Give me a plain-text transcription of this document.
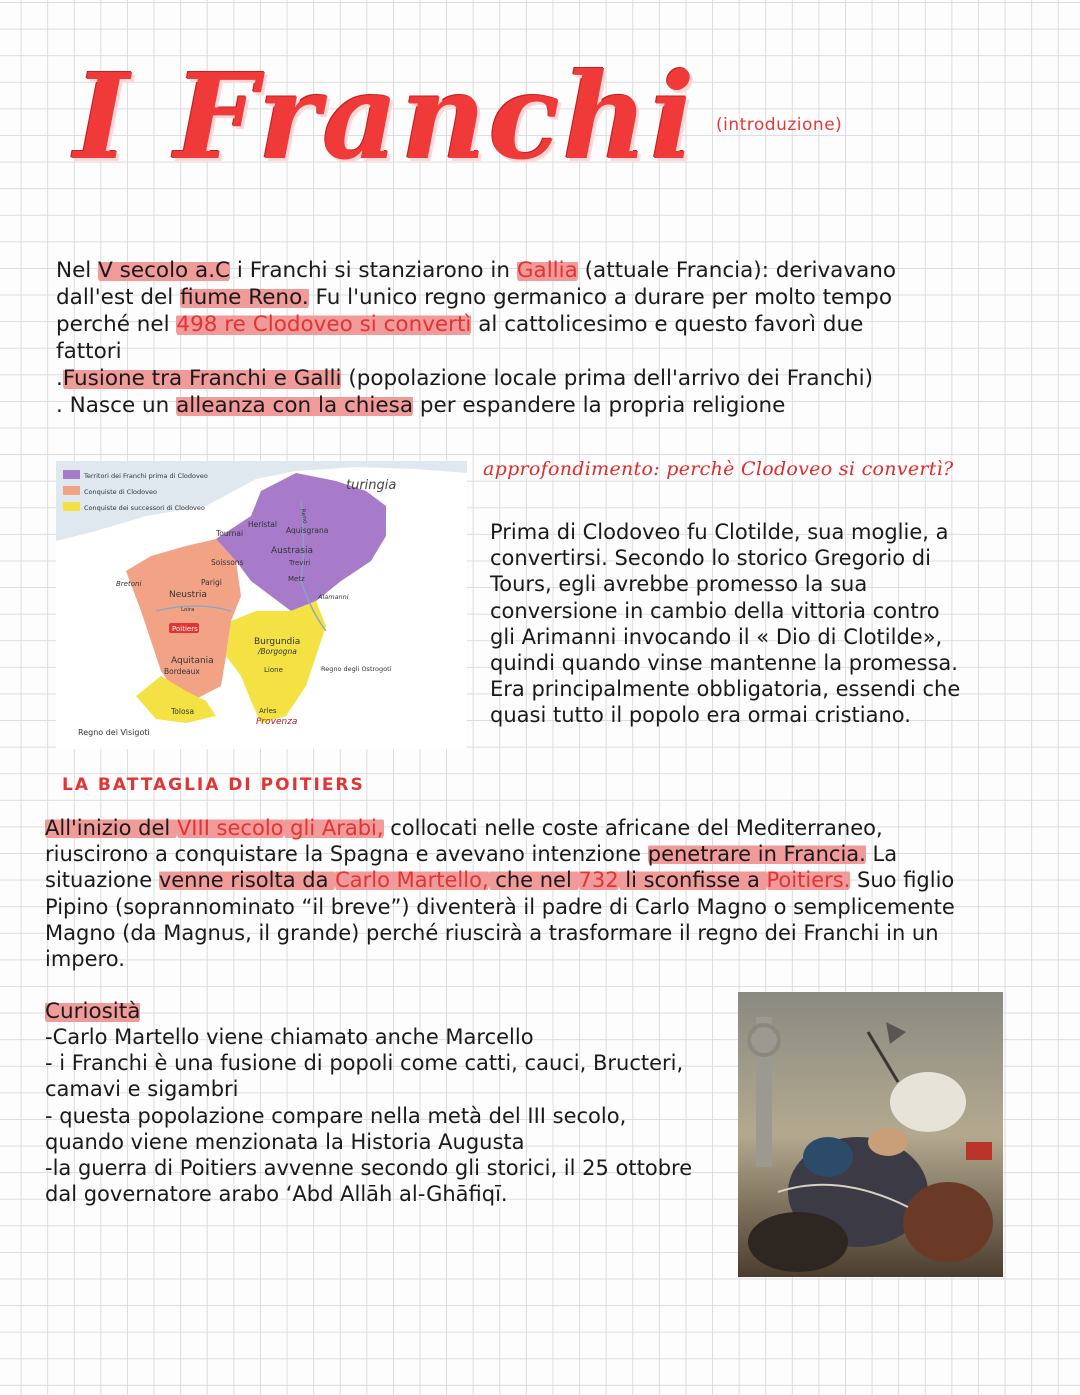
I Franchi (introduzione)
Nel V secolo a.C i Franchi si stanziarono in Gallia (attuale Francia): derivavano
dall'est del fiume Reno. Fu l'unico regno germanico a durare per molto tempo
perché nel 498 re Clodoveo si convertì al cattolicesimo e questo favorì due
fattori
.Fusione tra Franchi e Galli (popolazione locale prima dell'arrivo dei Franchi)
. Nasce un alleanza con la chiesa per espandere la propria religione
Territori dei Franchi prima di Clodoveo
Conquiste di Clodoveo
Conquiste dei successori di Clodoveo
turingia
Heristal
Tournai	Aquisgrana
Austrasia
Treviri
Soissons
Reno
Metz
Bretoni	Parigi
Neustria
Loira
Alamanni
Poitiers
Burgundia
/Borgogna
Lione
Aquitania
Bordeaux	Regno degli Ostrogoti
Tolosa	Arles
Provenza
Regno dei Visigoti
approfondimento: perchè Clodoveo si convertì?
Prima di Clodoveo fu Clotilde, sua moglie, a
convertirsi. Secondo lo storico Gregorio di
Tours, egli avrebbe promesso la sua
conversione in cambio della vittoria contro
gli Arimanni invocando il « Dio di Clotilde»,
quindi quando vinse mantenne la promessa.
Era principalmente obbligatoria, essendi che
quasi tutto il popolo era ormai cristiano.
LA BATTAGLIA DI POITIERS
All'inizio del VIII secolo gli Arabi, collocati nelle coste africane del Mediterraneo,
riuscirono a conquistare la Spagna e avevano intenzione penetrare in Francia. La
situazione venne risolta da Carlo Martello, che nel 732 li sconfisse a Poitiers. Suo figlio
Pipino (soprannominato “il breve”) diventerà il padre di Carlo Magno o semplicemente
Magno (da Magnus, il grande) perché riuscirà a trasformare il regno dei Franchi in un
impero.
Curiosità
-Carlo Martello viene chiamato anche Marcello
- i Franchi è una fusione di popoli come catti, cauci, Bructeri,
camavi e sigambri
- questa popolazione compare nella metà del III secolo,
quando viene menzionata la Historia Augusta
-la guerra di Poitiers avvenne secondo gli storici, il 25 ottobre
dal governatore arabo ‘Abd Allāh al-Ghāfiqī.
